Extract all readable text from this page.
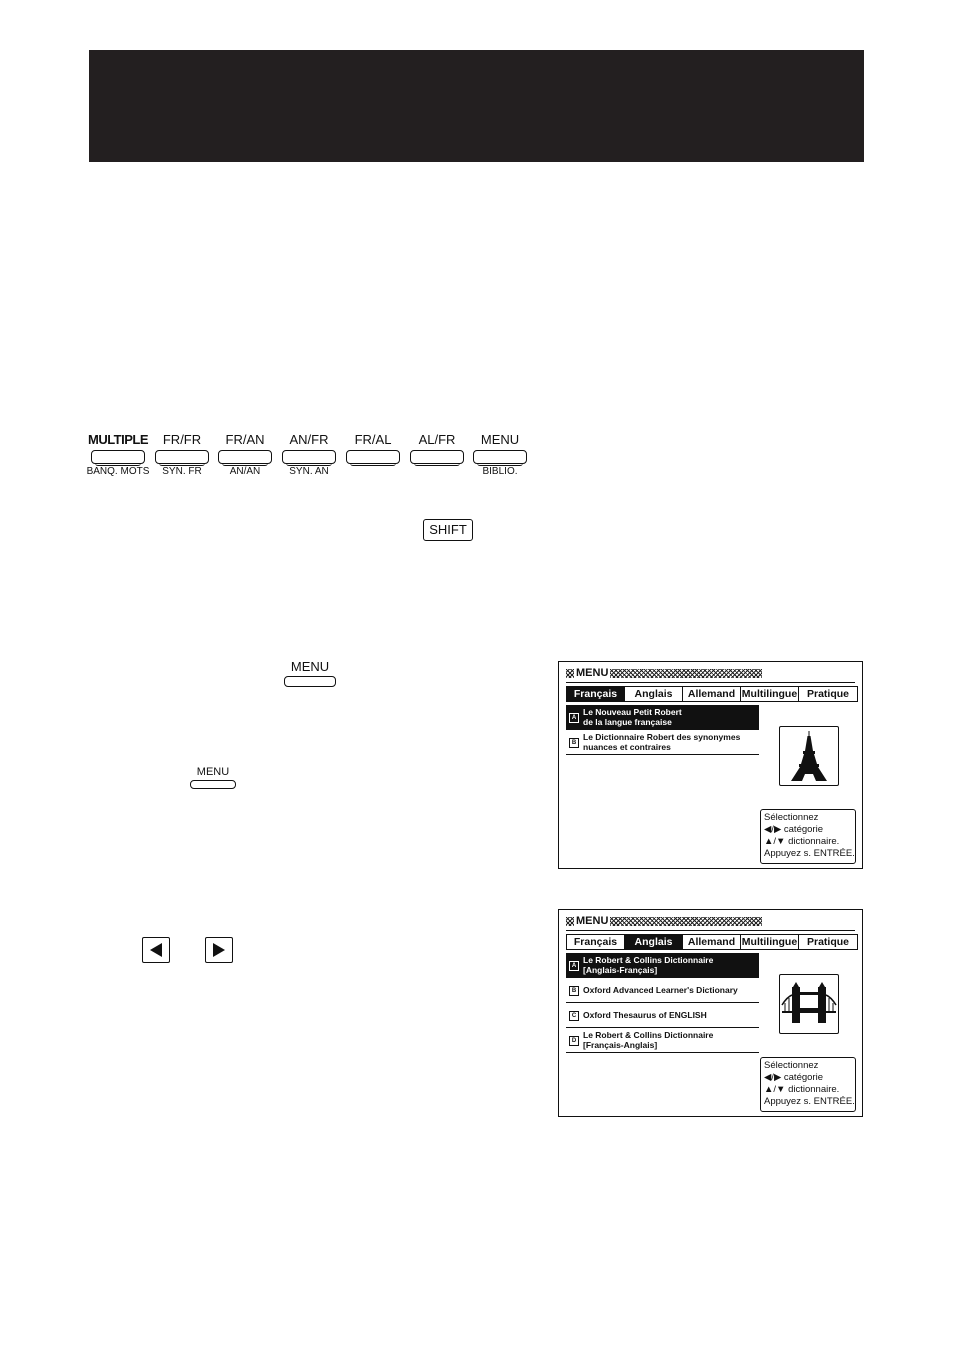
MULTIPLE
BANQ. MOTS
FR/FR
SYN. FR
FR/AN
AN/AN
AN/FR
SYN. AN
FR/AL	AL/FR	MENU
BIBLIO.
SHIFT
MENU
MENU
MENU
Français	Anglais	Allemand Multilingue Pratique
A
Le Nouveau Petit Robert
de la langue française
B
Le Dictionnaire Robert des synonymes
nuances et contraires
Sélectionnez
◀/▶ catégorie
▲/▼ dictionnaire.
Appuyez s. ENTRÉE.
MENU
Français	Anglais	Allemand Multilingue Pratique
A
Le Robert & Collins Dictionnaire
[Anglais-Français]
B Oxford Advanced Learner's Dictionary
C Oxford Thesaurus of ENGLISH
D
Le Robert & Collins Dictionnaire
[Français-Anglais]
Sélectionnez
◀/▶ catégorie
▲/▼ dictionnaire.
Appuyez s. ENTRÉE.
